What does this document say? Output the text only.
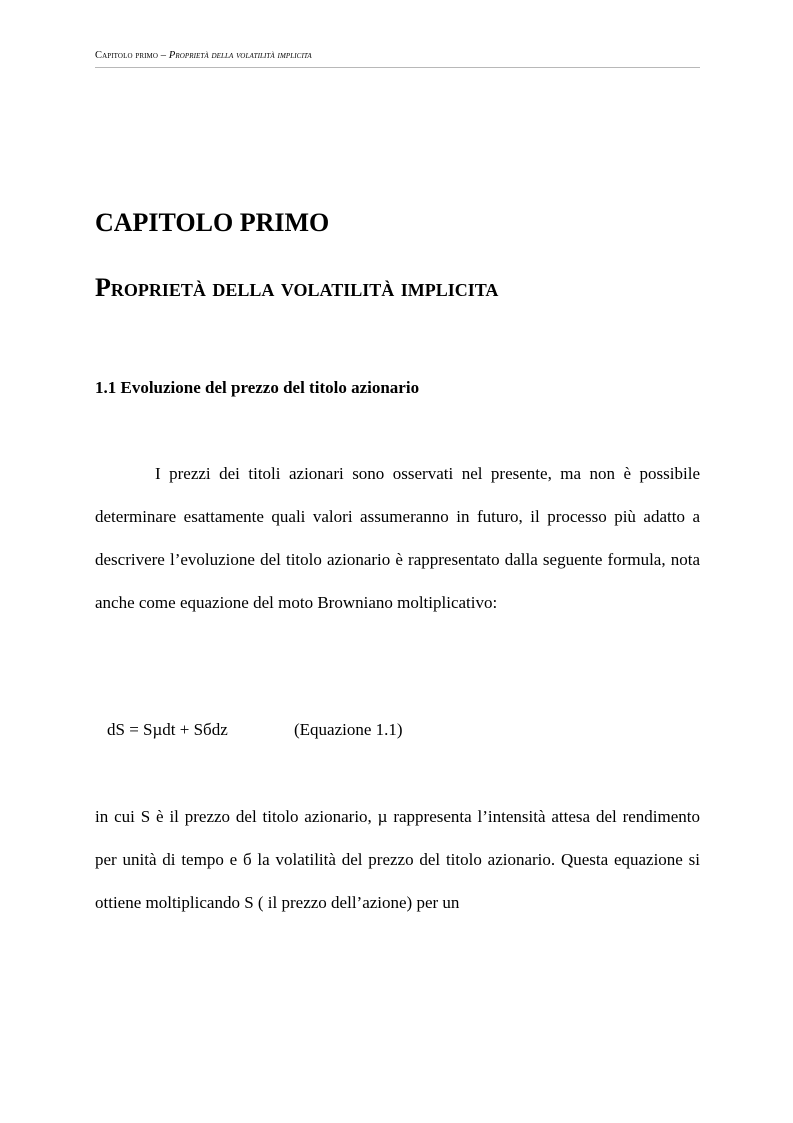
Capitolo primo – Proprietà della volatilità implicita
CAPITOLO PRIMO
Proprietà della volatilità implicita
1.1 Evoluzione del prezzo del titolo azionario

I prezzi dei titoli azionari sono osservati nel presente, ma non è possibile determinare esattamente quali valori assumeranno in futuro, il processo più adatto a descrivere l’evoluzione del titolo azionario è rappresentato dalla seguente formula, nota anche come equazione del moto Browniano moltiplicativo:

dS = Sµdt + Sбdz	(Equazione 1.1)

in cui S è il prezzo del titolo azionario, µ rappresenta l’intensità attesa del rendimento per unità di tempo e б la volatilità del prezzo del titolo azionario. Questa equazione si ottiene moltiplicando S ( il prezzo dell’azione) per un
